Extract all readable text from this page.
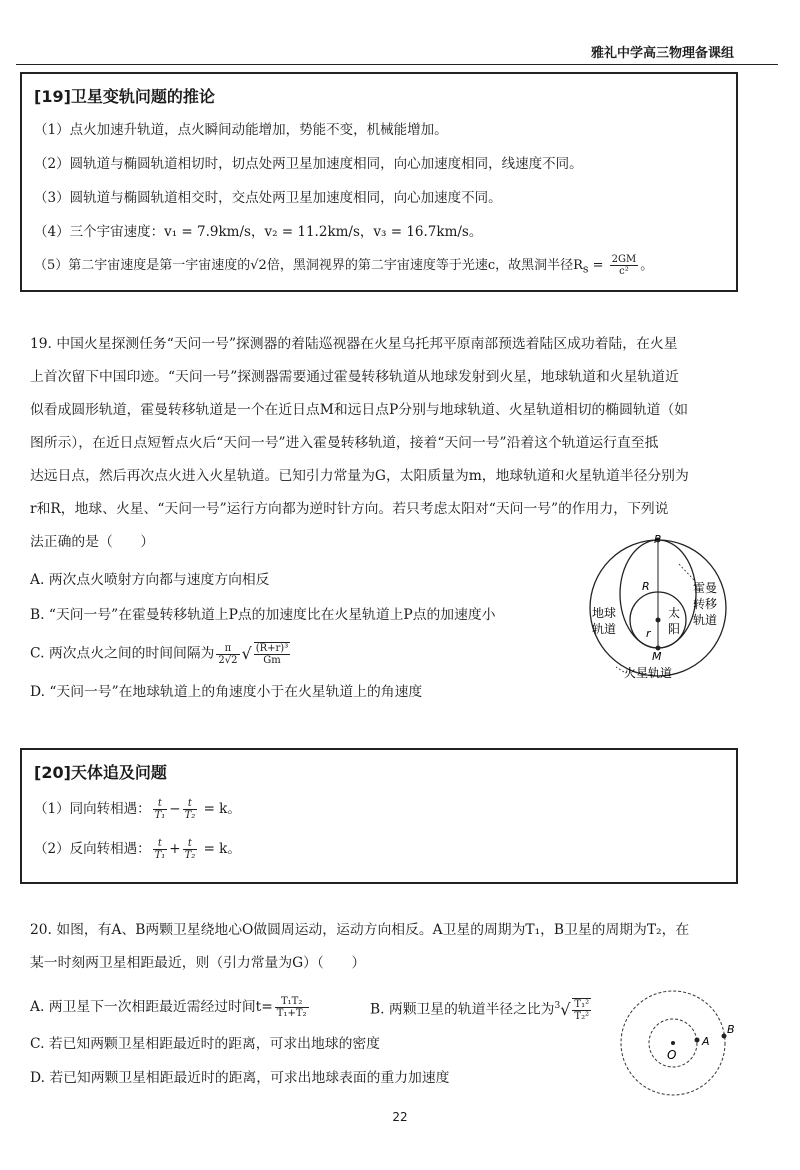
雅礼中学高三物理备课组
[19]卫星变轨问题的推论
（1）点火加速升轨道，点火瞬间动能增加，势能不变，机械能增加。
（2）圆轨道与椭圆轨道相切时，切点处两卫星加速度相同，向心加速度相同，线速度不同。
（3）圆轨道与椭圆轨道相交时，交点处两卫星加速度相同，向心加速度不同。
（4）三个宇宙速度：v₁ = 7.9km/s，v₂ = 11.2km/s，v₃ = 16.7km/s。
（5）第二宇宙速度是第一宇宙速度的√2倍，黑洞视界的第二宇宙速度等于光速c，故黑洞半径$R_s = \frac{2GM}{\text{c²}}$ 。
19. 中国火星探测任务“天问一号”探测器的着陆巡视器在火星乌托邦平原南部预选着陆区成功着陆，在火星
上首次留下中国印迹。“天问一号”探测器需要通过霍曼转移轨道从地球发射到火星，地球轨道和火星轨道近
似看成圆形轨道，霍曼转移轨道是一个在近日点M和远日点P分别与地球轨道、火星轨道相切的椭圆轨道（如
图所示），在近日点短暂点火后“天问一号”进入霍曼转移轨道，接着“天问一号”沿着这个轨道运行直至抵
达远日点，然后再次点火进入火星轨道。已知引力常量为G，太阳质量为m，地球轨道和火星轨道半径分别为
r和R，地球、火星、“天问一号”运行方向都为逆时针方向。若只考虑太阳对“天问一号”的作用力，下列说
法正确的是（　　）
A. 两次点火喷射方向都与速度方向相反
B. “天问一号”在霍曼转移轨道上P点的加速度比在火星轨道上P点的加速度小
C. 两次点火之间的时间间隔为 $\frac{\pi}{2√2}$ √ $\frac{\text{(R+r)³}}{Gm}$
D. “天问一号”在地球轨道上的角速度小于在火星轨道上的角速度
P
M
R
r
地球
轨道
太
阳
霍曼
转移
轨道
火星轨道
[20]天体追及问题
（1）同向转相遇： $\frac{t}{\text{T₁}} - \frac{t}{\text{T₂}} = k$。
（2）反向转相遇： $\frac{t}{\text{T₁}} + \frac{t}{\text{T₂}} = k$。
20. 如图，有A、B两颗卫星绕地心O做圆周运动，运动方向相反。A卫星的周期为T₁，B卫星的周期为T₂，在
某一时刻两卫星相距最近，则（引力常量为G）（　　）
A. 两卫星下一次相距最近需经过时间$t= \frac{\text{T₁T₂}}{\text{T₁+T₂}}$	B. 两颗卫星的轨道半径之比为$^3√ \frac{\text{T₁²}}{\text{T₂²}}$
C. 若已知两颗卫星相距最近时的距离，可求出地球的密度
D. 若已知两颗卫星相距最近时的距离，可求出地球表面的重力加速度
O
A
B
22
